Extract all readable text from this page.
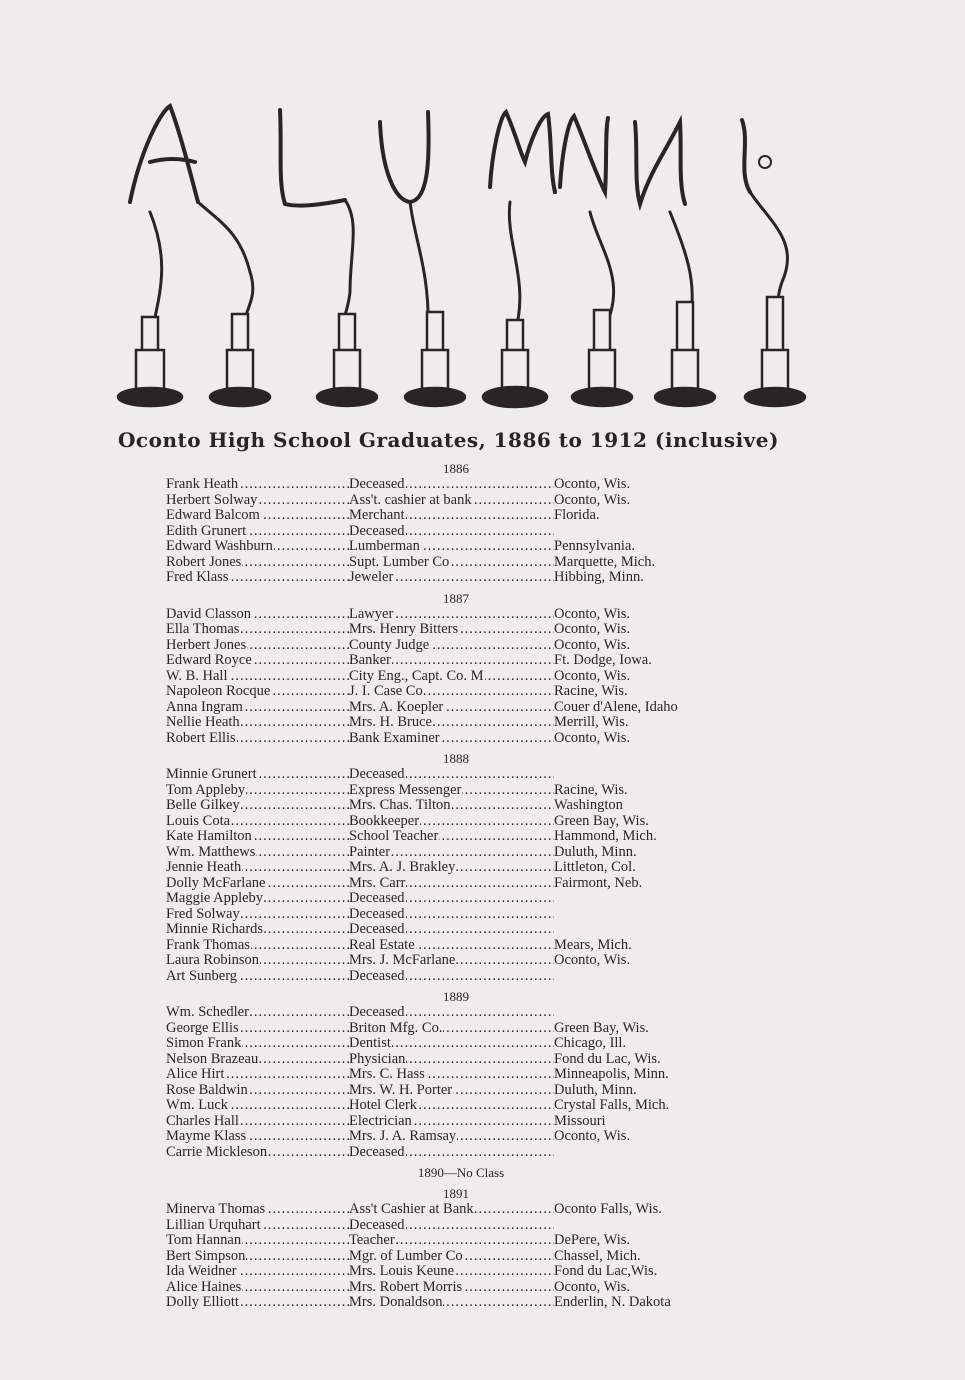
Oconto High School Graduates, 1886 to 1912 (inclusive)
1886
Frank Heath .....	Deceased .....	Oconto, Wis.
Herbert Solway .....	Ass't. cashier at bank .....	Oconto, Wis.
Edward Balcom .....	Merchant .....	Florida.
Edith Grunert .....	Deceased .....
Edward Washburn .....	Lumberman .....	Pennsylvania.
Robert Jones .....	Supt. Lumber Co .....	Marquette, Mich.
Fred Klass .....	Jeweler .....	Hibbing, Minn.
1887
David Classon .....	Lawyer .....	Oconto, Wis.
Ella Thomas .....	Mrs. Henry Bitters .....	Oconto, Wis.
Herbert Jones .....	County Judge .....	Oconto, Wis.
Edward Royce .....	Banker .....	Ft. Dodge, Iowa.
W. B. Hall .....	City Eng., Capt. Co. M .....	Oconto, Wis.
Napoleon Rocque .....	J. I. Case Co. .....	Racine, Wis.
Anna Ingram .....	Mrs. A. Koepler .....	Couer d'Alene, Idaho
Nellie Heath .....	Mrs. H. Bruce .....	Merrill, Wis.
Robert Ellis .....	Bank Examiner .....	Oconto, Wis.
1888
Minnie Grunert .....	Deceased .....
Tom Appleby .....	Express Messenger .....	Racine, Wis.
Belle Gilkey .....	Mrs. Chas. Tilton .....	Washington
Louis Cota .....	Bookkeeper .....	Green Bay, Wis.
Kate Hamilton .....	School Teacher .....	Hammond, Mich.
Wm. Matthews .....	Painter .....	Duluth, Minn.
Jennie Heath .....	Mrs. A. J. Brakley .....	Littleton, Col.
Dolly McFarlane .....	Mrs. Carr .....	Fairmont, Neb.
Maggie Appleby .....	Deceased .....
Fred Solway .....	Deceased .....
Minnie Richards .....	Deceased .....
Frank Thomas .....	Real Estate .....	Mears, Mich.
Laura Robinson .....	Mrs. J. McFarlane .....	Oconto, Wis.
Art Sunberg .....	Deceased .....
1889
Wm. Schedler .....	Deceased .....
George Ellis .....	Briton Mfg. Co. .....	Green Bay, Wis.
Simon Frank .....	Dentist .....	Chicago, Ill.
Nelson Brazeau .....	Physician .....	Fond du Lac, Wis.
Alice Hirt .....	Mrs. C. Hass .....	Minneapolis, Minn.
Rose Baldwin .....	Mrs. W. H. Porter .....	Duluth, Minn.
Wm. Luck .....	Hotel Clerk .....	Crystal Falls, Mich.
Charles Hall .....	Electrician .....	Missouri
Mayme Klass .....	Mrs. J. A. Ramsay .....	Oconto, Wis.
Carrie Mickleson .....	Deceased .....
1890—No Class
1891
Minerva Thomas .....	Ass't Cashier at Bank .....	Oconto Falls, Wis.
Lillian Urquhart .....	Deceased .....
Tom Hannan .....	Teacher .....	DePere, Wis.
Bert Simpson .....	Mgr. of Lumber Co .....	Chassel, Mich.
Ida Weidner .....	Mrs. Louis Keune .....	Fond du Lac,Wis.
Alice Haines .....	Mrs. Robert Morris .....	Oconto, Wis.
Dolly Elliott .....	Mrs. Donaldson .....	Enderlin, N. Dakota
